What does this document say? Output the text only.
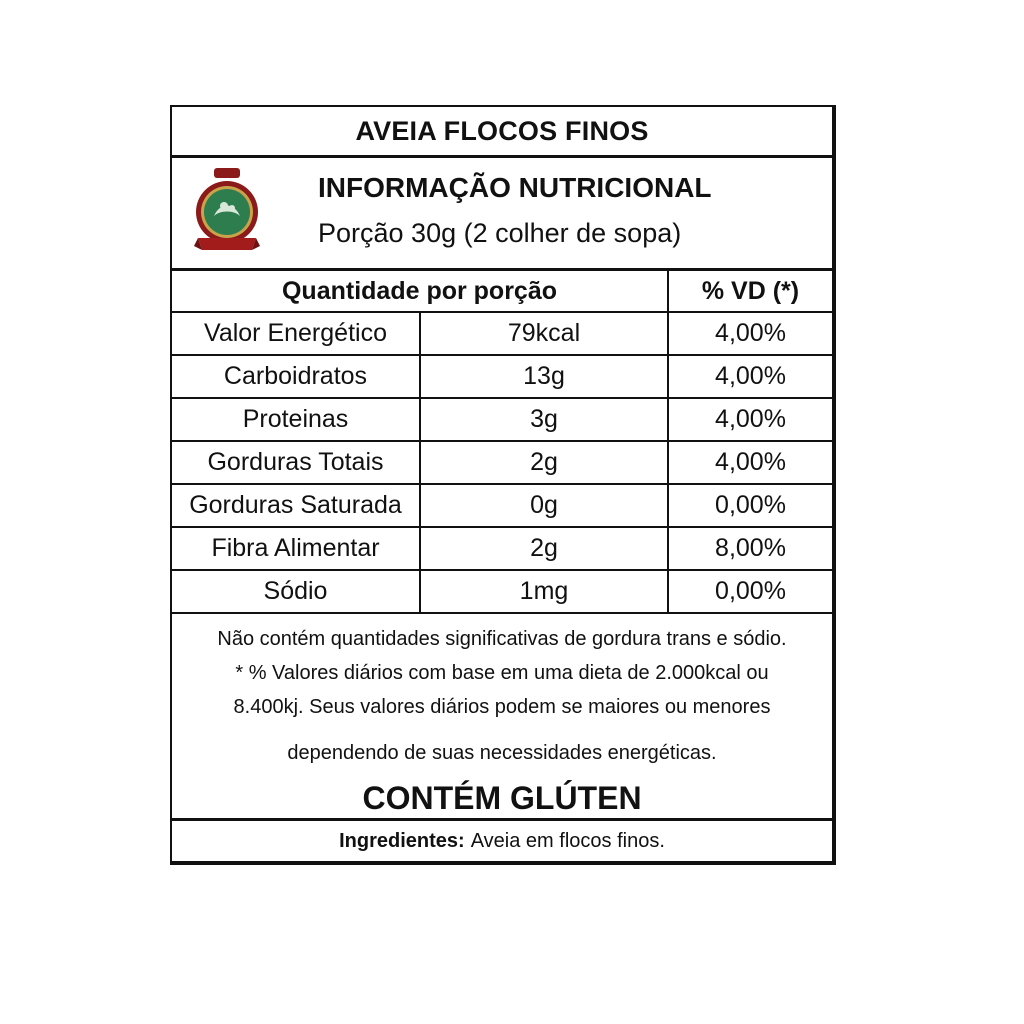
AVEIA FLOCOS FINOS
INFORMAÇÃO NUTRICIONAL
Porção 30g (2 colher de sopa)
Quantidade por porção		% VD (*)
Valor Energético	79kcal	4,00%
Carboidratos	13g	4,00%
Proteinas	3g	4,00%
Gorduras Totais	2g	4,00%
Gorduras Saturada	0g	0,00%
Fibra Alimentar	2g	8,00%
Sódio	1mg	0,00%
Não contém quantidades significativas de gordura trans e sódio.
* % Valores diários com base em uma dieta de 2.000kcal ou
8.400kj. Seus valores diários podem se maiores ou menores
dependendo de suas necessidades energéticas.
CONTÉM GLÚTEN
Ingredientes: Aveia em flocos finos.
